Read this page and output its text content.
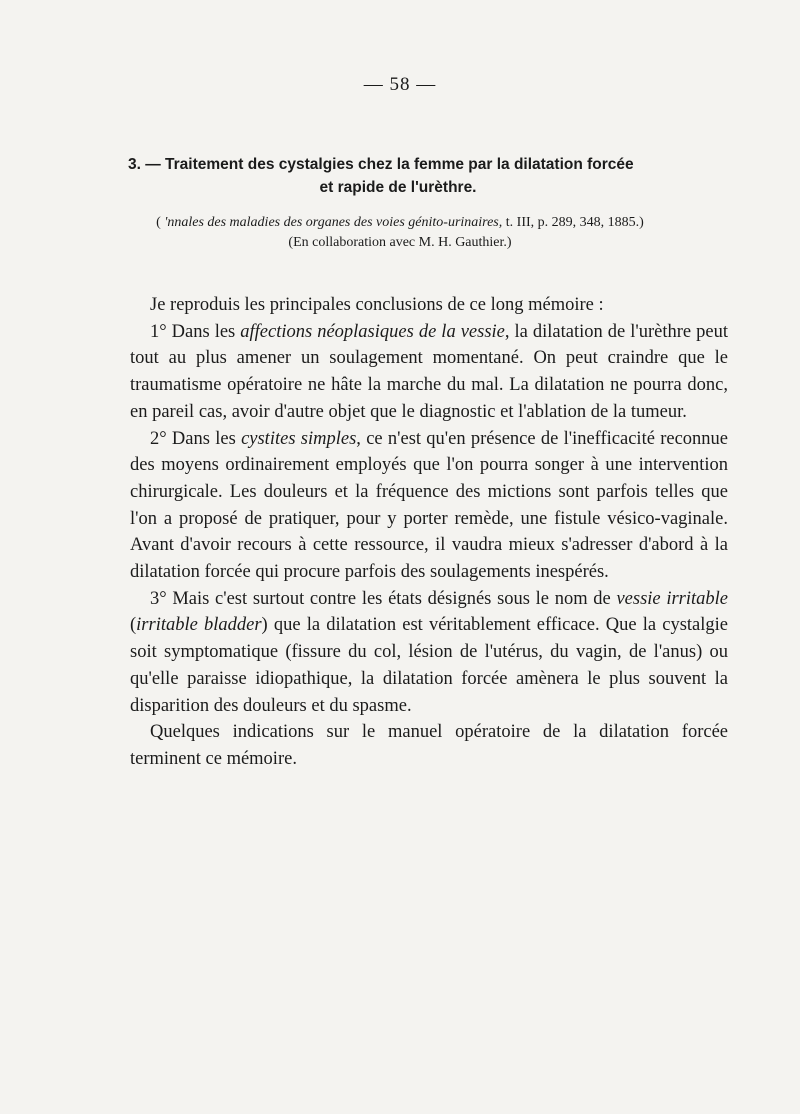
— 58 —
3. — Traitement des cystalgies chez la femme par la dilatation forcée
et rapide de l'urèthre.
( 'nnales des maladies des organes des voies génito-urinaires, t. III, p. 289, 348, 1885.)
(En collaboration avec M. H. Gauthier.)

Je reproduis les principales conclusions de ce long mémoire :

1° Dans les affections néoplasiques de la vessie, la dilatation de l'urèthre peut tout au plus amener un soulagement momentané. On peut craindre que le traumatisme opératoire ne hâte la marche du mal. La dilatation ne pourra donc, en pareil cas, avoir d'autre objet que le diagnostic et l'ablation de la tumeur.

2° Dans les cystites simples, ce n'est qu'en présence de l'inefficacité reconnue des moyens ordinairement employés que l'on pourra songer à une intervention chirurgicale. Les douleurs et la fréquence des mictions sont parfois telles que l'on a proposé de pratiquer, pour y porter remède, une fistule vésico-vaginale. Avant d'avoir recours à cette ressource, il vaudra mieux s'adresser d'abord à la dilatation forcée qui procure parfois des soulagements inespérés.

3° Mais c'est surtout contre les états désignés sous le nom de vessie irritable (irritable bladder) que la dilatation est véritablement efficace. Que la cystalgie soit symptomatique (fissure du col, lésion de l'utérus, du vagin, de l'anus) ou qu'elle paraisse idiopathique, la dilatation forcée amènera le plus souvent la disparition des douleurs et du spasme.

Quelques indications sur le manuel opératoire de la dilatation forcée terminent ce mémoire.
